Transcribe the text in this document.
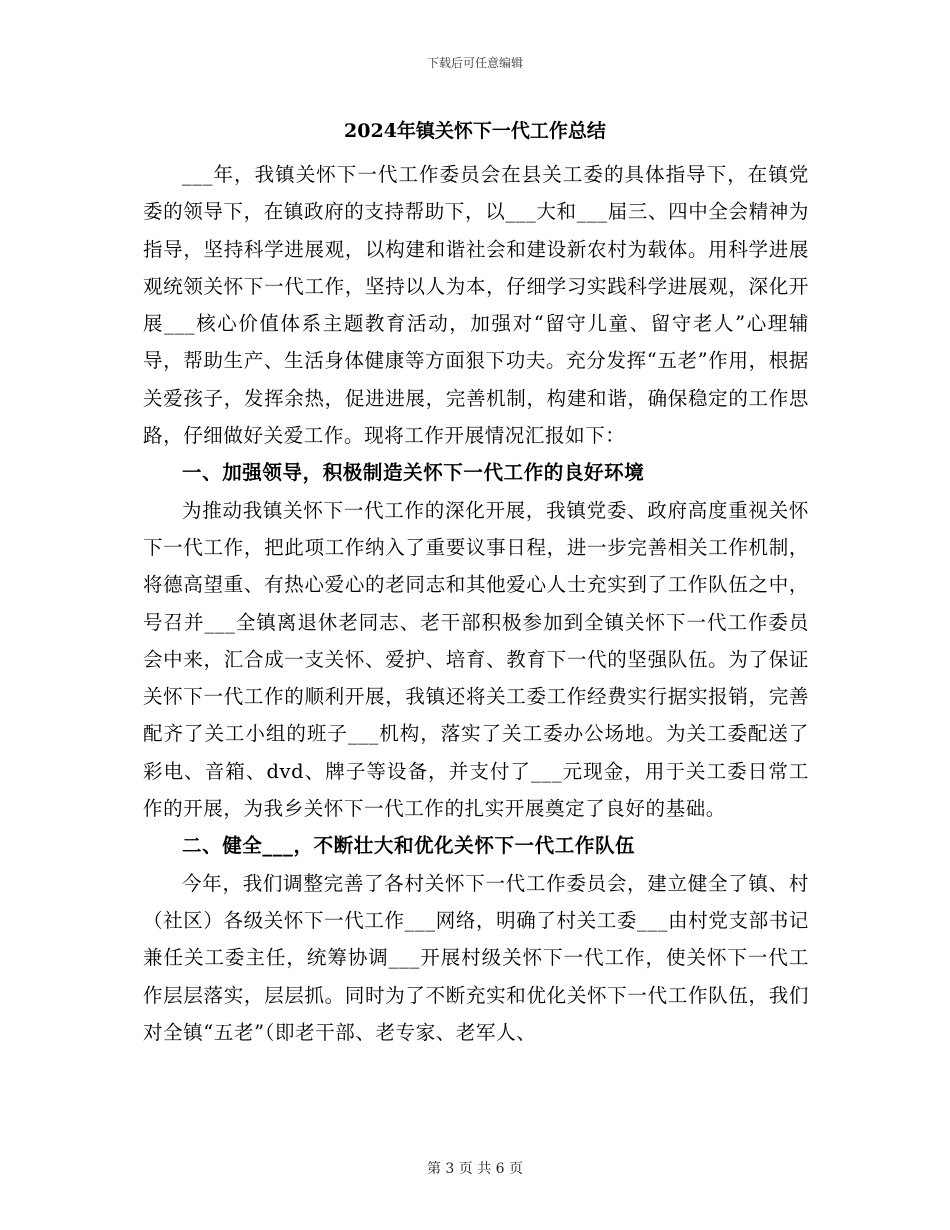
下载后可任意编辑
2024年镇关怀下一代工作总结

___年，我镇关怀下一代工作委员会在县关工委的具体指导下，在镇党委的领导下，在镇政府的支持帮助下，以___大和___届三、四中全会精神为指导，坚持科学进展观，以构建和谐社会和建设新农村为载体。用科学进展观统领关怀下一代工作，坚持以人为本，仔细学习实践科学进展观，深化开展___核心价值体系主题教育活动，加强对“留守儿童、留守老人”心理辅导，帮助生产、生活身体健康等方面狠下功夫。充分发挥“五老”作用，根据关爱孩子，发挥余热，促进进展，完善机制，构建和谐，确保稳定的工作思路，仔细做好关爱工作。现将工作开展情况汇报如下：

一、加强领导，积极制造关怀下一代工作的良好环境

为推动我镇关怀下一代工作的深化开展，我镇党委、政府高度重视关怀下一代工作，把此项工作纳入了重要议事日程，进一步完善相关工作机制，将德高望重、有热心爱心的老同志和其他爱心人士充实到了工作队伍之中，号召并___全镇离退休老同志、老干部积极参加到全镇关怀下一代工作委员会中来，汇合成一支关怀、爱护、培育、教育下一代的坚强队伍。为了保证关怀下一代工作的顺利开展，我镇还将关工委工作经费实行据实报销，完善配齐了关工小组的班子___机构，落实了关工委办公场地。为关工委配送了彩电、音箱、dvd、牌子等设备，并支付了___元现金，用于关工委日常工作的开展，为我乡关怀下一代工作的扎实开展奠定了良好的基础。

二、健全___，不断壮大和优化关怀下一代工作队伍

今年，我们调整完善了各村关怀下一代工作委员会，建立健全了镇、村（社区）各级关怀下一代工作___网络，明确了村关工委___由村党支部书记兼任关工委主任，统筹协调___开展村级关怀下一代工作，使关怀下一代工作层层落实，层层抓。同时为了不断充实和优化关怀下一代工作队伍，我们对全镇“五老”（即老干部、老专家、老军人、

第 3 页 共 6 页
